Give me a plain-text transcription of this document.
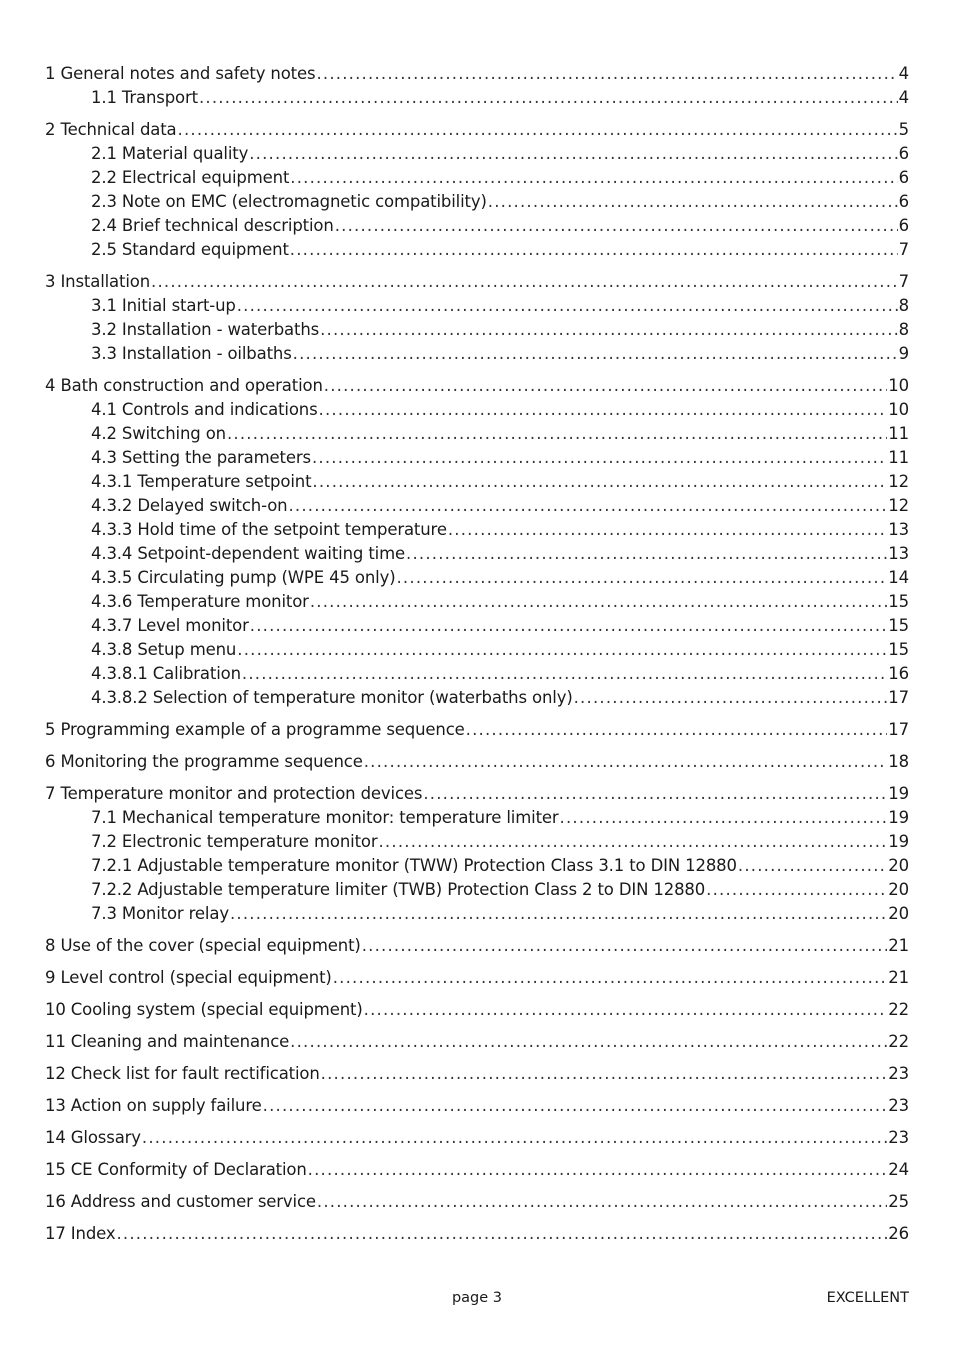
1 General notes and safety notes .....	4
1.1 Transport .....	4
2 Technical data .....	5
2.1 Material quality .....	6
2.2 Electrical equipment .....	6
2.3 Note on EMC (electromagnetic compatibility) .....	6
2.4 Brief technical description .....	6
2.5 Standard equipment .....	7
3 Installation .....	7
3.1 Initial start-up .....	8
3.2 Installation - waterbaths .....	8
3.3 Installation - oilbaths .....	9
4 Bath construction and operation .....	10
4.1 Controls and indications .....	10
4.2 Switching on .....	11
4.3 Setting the parameters .....	11
4.3.1 Temperature setpoint .....	12
4.3.2 Delayed switch-on .....	12
4.3.3 Hold time of the setpoint temperature .....	13
4.3.4 Setpoint-dependent waiting time .....	13
4.3.5 Circulating pump (WPE 45 only) .....	14
4.3.6 Temperature monitor .....	15
4.3.7 Level monitor .....	15
4.3.8 Setup menu .....	15
4.3.8.1 Calibration .....	16
4.3.8.2 Selection of temperature monitor (waterbaths only) .....	17
5 Programming example of a programme sequence .....	17
6 Monitoring the programme sequence .....	18
7 Temperature monitor and protection devices .....	19
7.1 Mechanical temperature monitor: temperature limiter .....	19
7.2 Electronic temperature monitor .....	19
7.2.1 Adjustable temperature monitor (TWW) Protection Class 3.1 to DIN 12880 .....	20
7.2.2 Adjustable temperature limiter (TWB) Protection Class 2 to DIN 12880 .....	20
7.3 Monitor relay .....	20
8 Use of the cover (special equipment) .....	21
9 Level control (special equipment) .....	21
10 Cooling system (special equipment) .....	22
11 Cleaning and maintenance .....	22
12 Check list for fault rectification .....	23
13 Action on supply failure .....	23
14 Glossary .....	23
15 CE Conformity of Declaration .....	24
16 Address and customer service .....	25
17 Index .....	26
page 3	EXCELLENT
